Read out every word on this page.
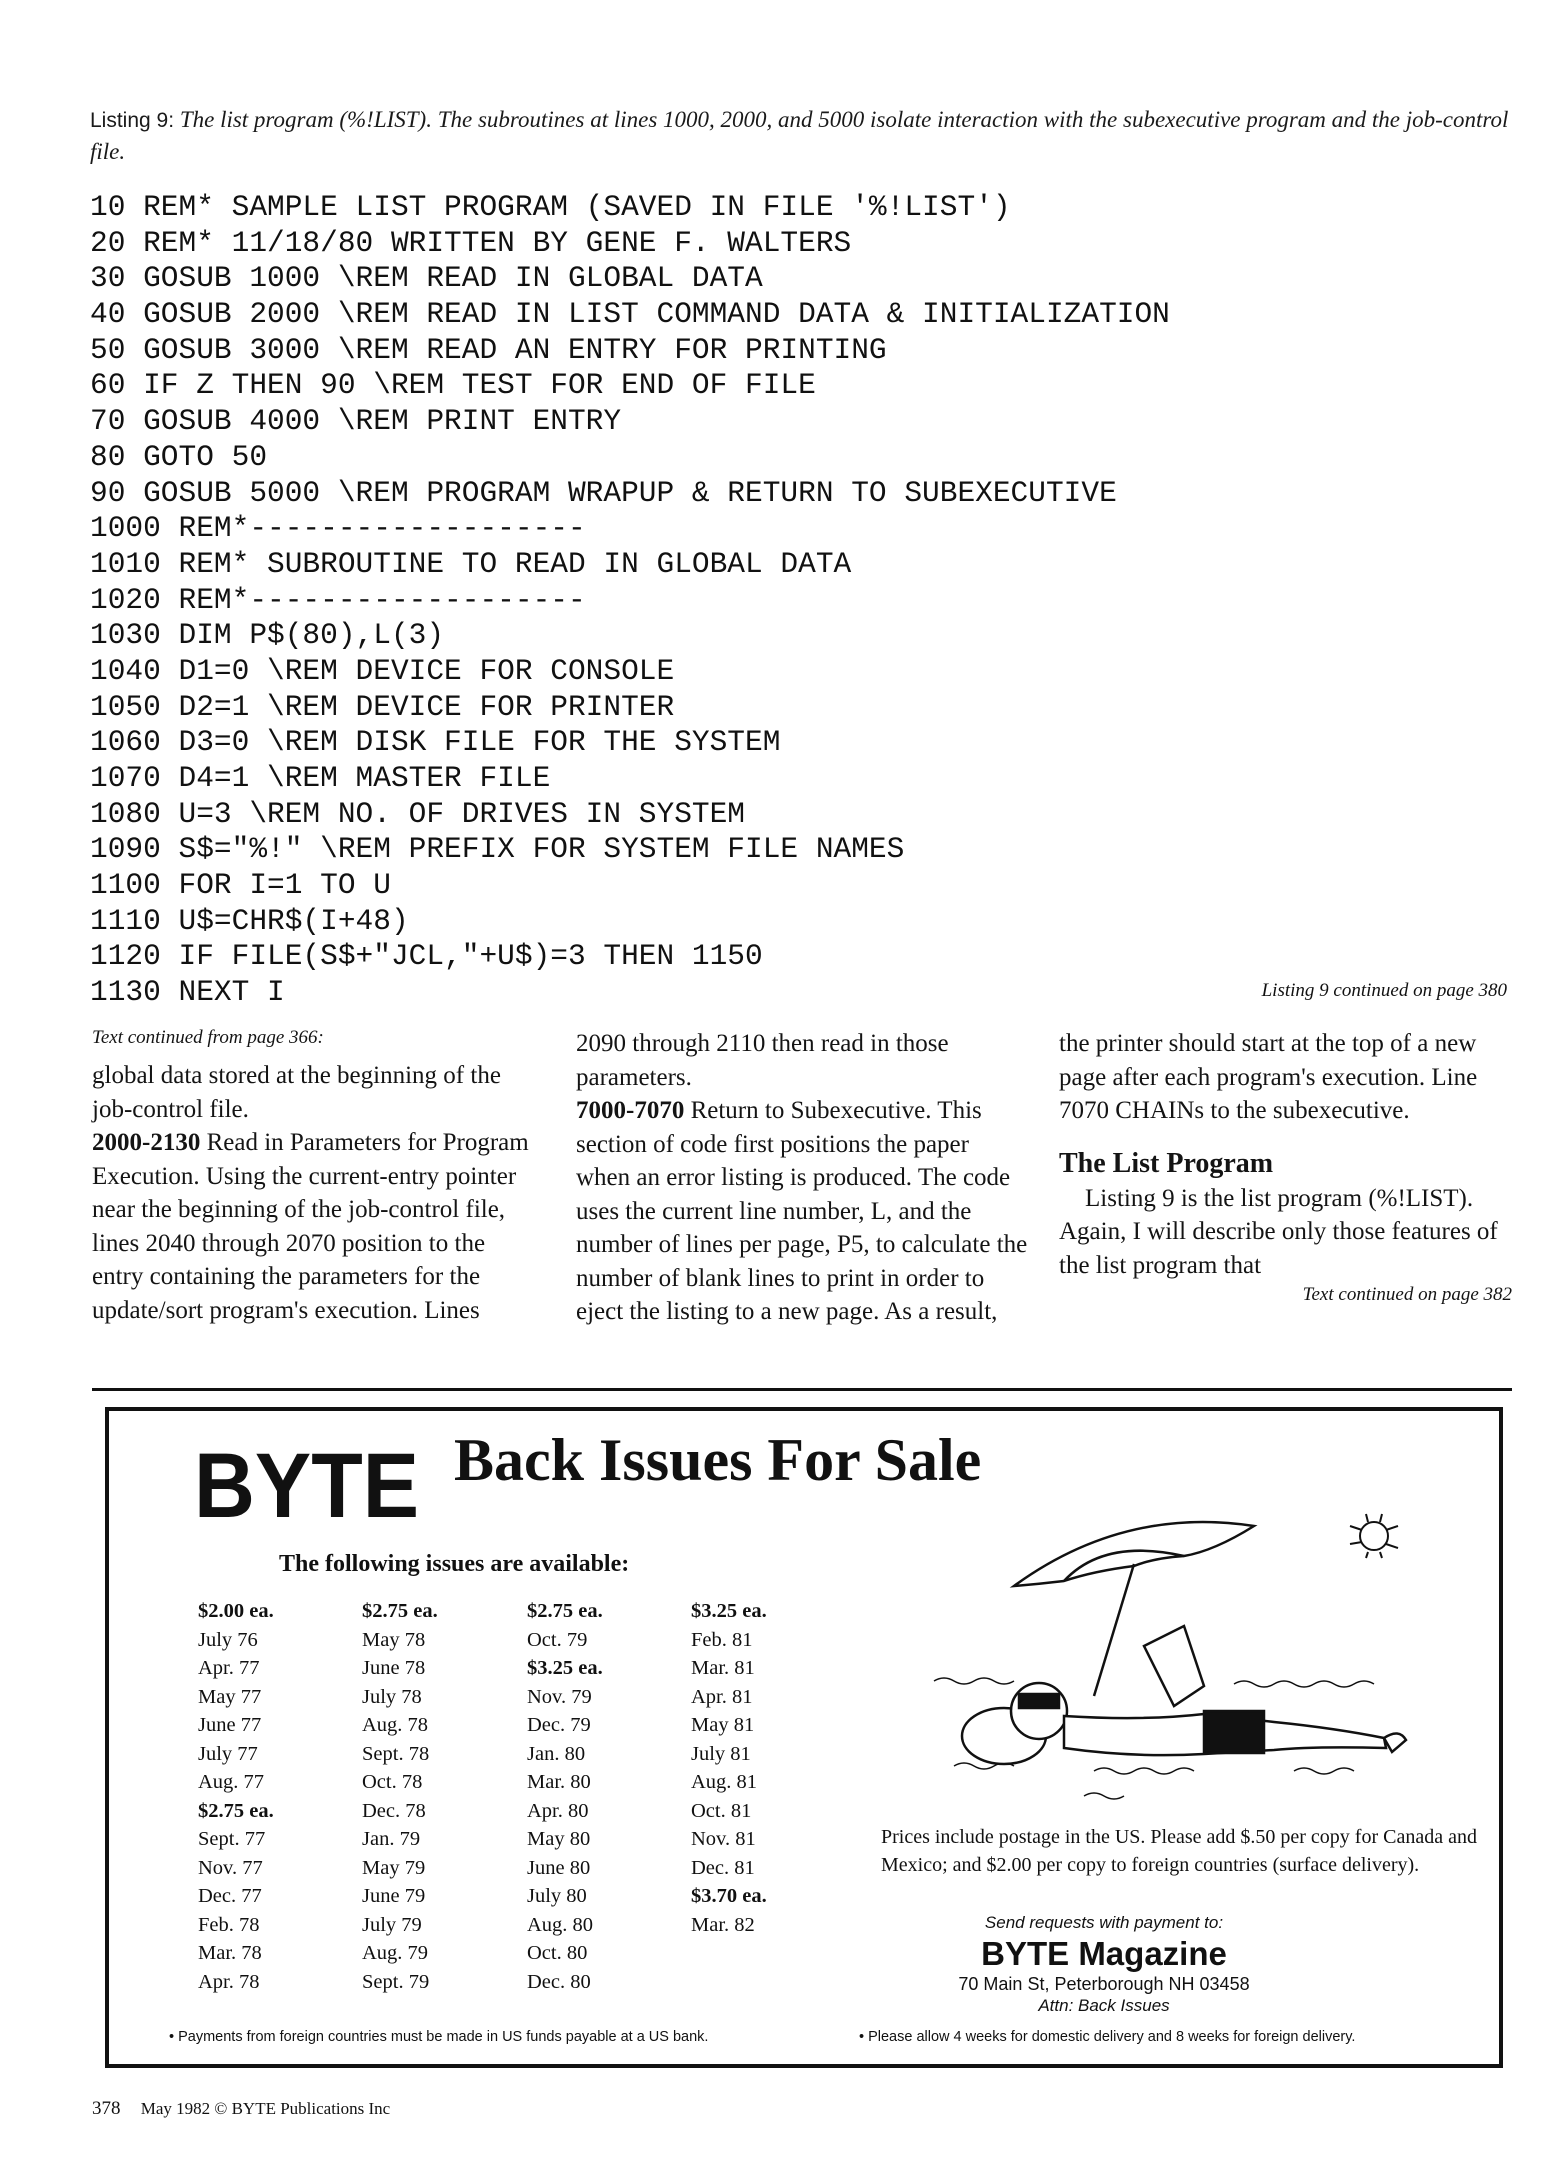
Listing 9: The list program (%!LIST). The subroutines at lines 1000, 2000, and 5000 isolate interaction with the subexecutive program and the job-control file.
10 REM* SAMPLE LIST PROGRAM (SAVED IN FILE '%!LIST')
20 REM* 11/18/80 WRITTEN BY GENE F. WALTERS
30 GOSUB 1000 \REM READ IN GLOBAL DATA
40 GOSUB 2000 \REM READ IN LIST COMMAND DATA & INITIALIZATION
50 GOSUB 3000 \REM READ AN ENTRY FOR PRINTING
60 IF Z THEN 90 \REM TEST FOR END OF FILE
70 GOSUB 4000 \REM PRINT ENTRY
80 GOTO 50
90 GOSUB 5000 \REM PROGRAM WRAPUP & RETURN TO SUBEXECUTIVE
1000 REM*-------------------
1010 REM* SUBROUTINE TO READ IN GLOBAL DATA
1020 REM*-------------------
1030 DIM P$(80),L(3)
1040 D1=0 \REM DEVICE FOR CONSOLE
1050 D2=1 \REM DEVICE FOR PRINTER
1060 D3=0 \REM DISK FILE FOR THE SYSTEM
1070 D4=1 \REM MASTER FILE
1080 U=3 \REM NO. OF DRIVES IN SYSTEM
1090 S$="%!" \REM PREFIX FOR SYSTEM FILE NAMES
1100 FOR I=1 TO U
1110 U$=CHR$(I+48)
1120 IF FILE(S$+"JCL,"+U$)=3 THEN 1150
1130 NEXT I	Listing 9 continued on page 380

Text continued from page 366:

global data stored at the beginning of the job-control file.

2000-2130 Read in Parameters for Program Execution. Using the current-entry pointer near the beginning of the job-control file, lines 2040 through 2070 position to the entry containing the parameters for the update/sort program's execution. Lines

2090 through 2110 then read in those parameters.

7000-7070 Return to Subexecutive. This section of code first positions the paper when an error listing is produced. The code uses the current line number, L, and the number of lines per page, P5, to calculate the number of blank lines to print in order to eject the listing to a new page. As a result,

the printer should start at the top of a new page after each program's execution. Line 7070 CHAINs to the subexecutive.

The List Program

Listing 9 is the list program (%!LIST). Again, I will describe only those features of the list program that

Text continued on page 382

BYTE Back Issues For Sale
The following issues are available:
$2.00 ea.
July 76
Apr. 77
May 77
June 77
July 77
Aug. 77
$2.75 ea.
Sept. 77
Nov. 77
Dec. 77
Feb. 78
Mar. 78
Apr. 78
$2.75 ea.
May 78
June 78
July 78
Aug. 78
Sept. 78
Oct. 78
Dec. 78
Jan. 79
May 79
June 79
July 79
Aug. 79
Sept. 79
$2.75 ea.
Oct. 79
$3.25 ea.
Nov. 79
Dec. 79
Jan. 80
Mar. 80
Apr. 80
May 80
June 80
July 80
Aug. 80
Oct. 80
Dec. 80
$3.25 ea.
Feb. 81
Mar. 81
Apr. 81
May 81
July 81
Aug. 81
Oct. 81
Nov. 81
Dec. 81
$3.70 ea.
Mar. 82
Prices include postage in the US. Please add $.50 per copy for Canada and Mexico; and $2.00 per copy to foreign countries (surface delivery).
Send requests with payment to:
BYTE Magazine
70 Main St, Peterborough NH 03458
Attn: Back Issues
• Payments from foreign countries must be made in US funds payable at a US bank.	• Please allow 4 weeks for domestic delivery and 8 weeks for foreign delivery.
378 May 1982 © BYTE Publications Inc
